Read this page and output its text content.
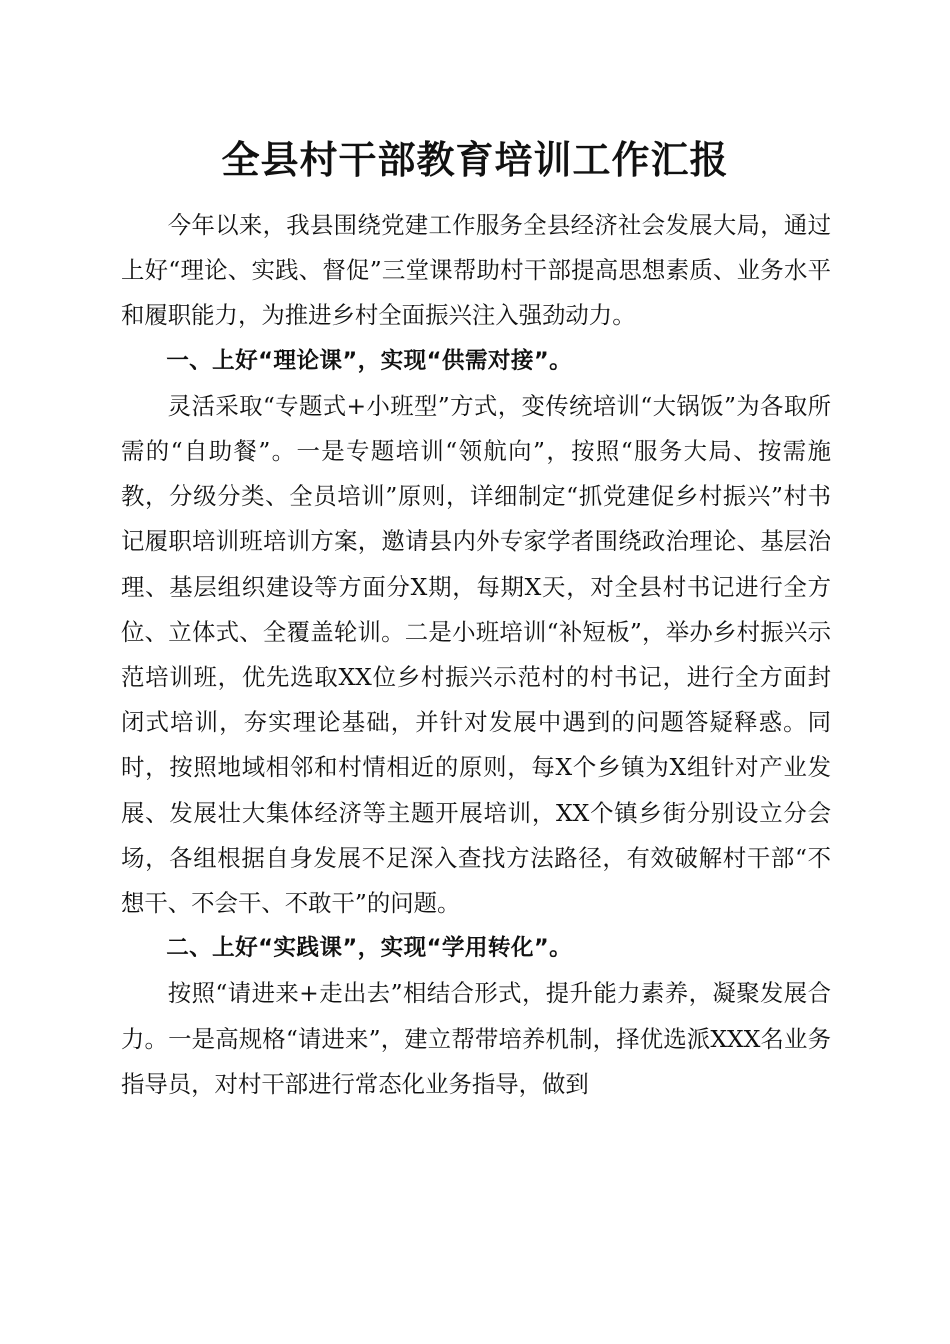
全县村干部教育培训工作汇报

今年以来，我县围绕党建工作服务全县经济社会发展大局，通过上好“理论、实践、督促”三堂课帮助村干部提高思想素质、业务水平和履职能力，为推进乡村全面振兴注入强劲动力。

一、上好“理论课”，实现“供需对接”。

灵活采取“专题式+小班型”方式，变传统培训“大锅饭”为各取所需的“自助餐”。一是专题培训“领航向”，按照“服务大局、按需施教，分级分类、全员培训”原则，详细制定“抓党建促乡村振兴”村书记履职培训班培训方案，邀请县内外专家学者围绕政治理论、基层治理、基层组织建设等方面分X期，每期X天，对全县村书记进行全方位、立体式、全覆盖轮训。二是小班培训“补短板”，举办乡村振兴示范培训班，优先选取XX位乡村振兴示范村的村书记，进行全方面封闭式培训，夯实理论基础，并针对发展中遇到的问题答疑释惑。同时，按照地域相邻和村情相近的原则，每X个乡镇为X组针对产业发展、发展壮大集体经济等主题开展培训，XX个镇乡街分别设立分会场，各组根据自身发展不足深入查找方法路径，有效破解村干部“不想干、不会干、不敢干”的问题。

二、上好“实践课”，实现“学用转化”。

按照“请进来+走出去”相结合形式，提升能力素养，凝聚发展合力。一是高规格“请进来”，建立帮带培养机制，择优选派XXX名业务指导员，对村干部进行常态化业务指导，做到
